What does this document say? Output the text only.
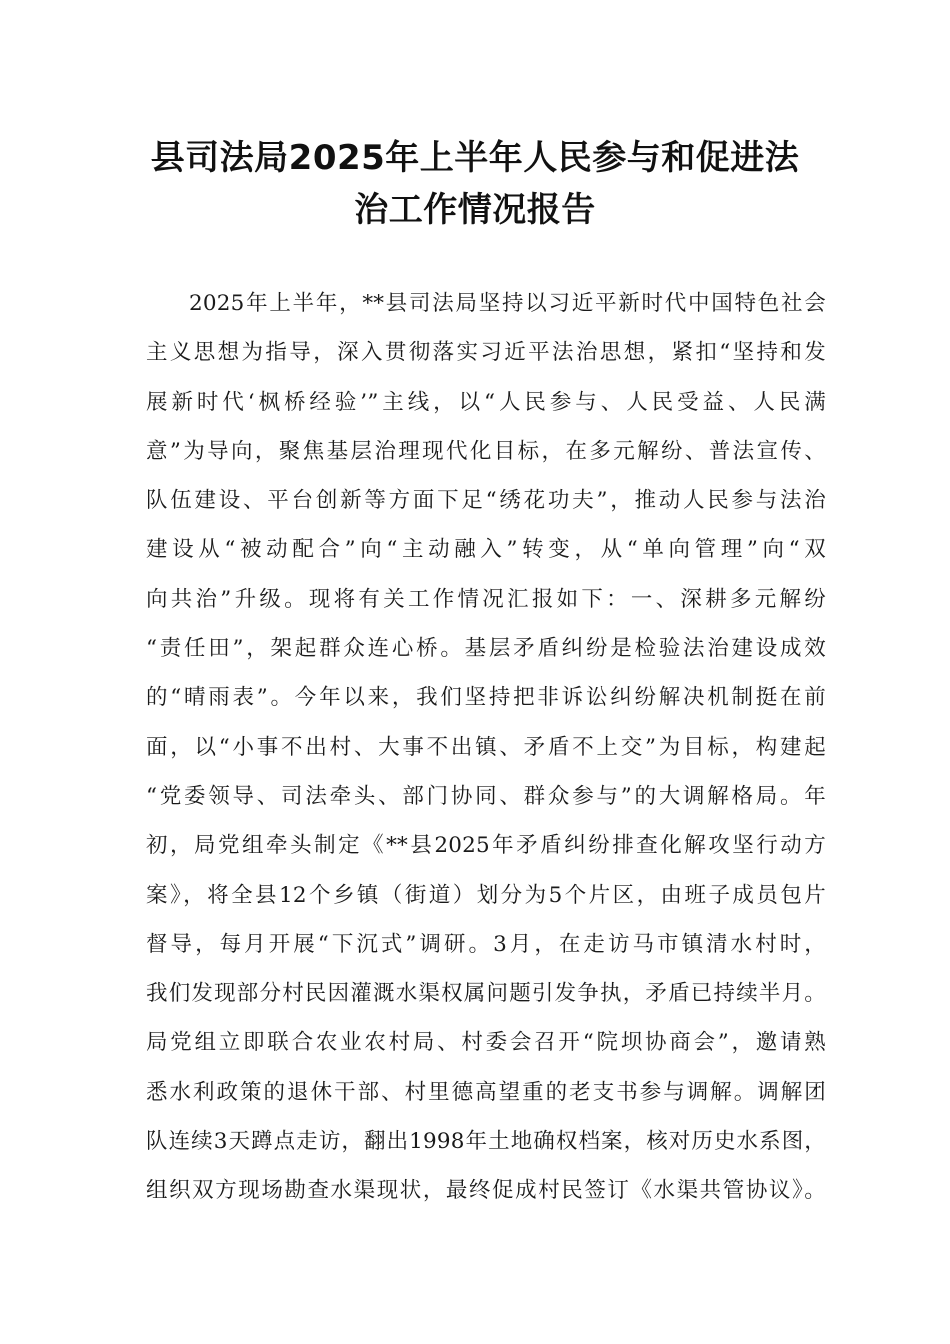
县司法局2025年上半年人民参与和促进法
治工作情况报告
2025年上半年，**县司法局坚持以习近平新时代中国特色社会
主义思想为指导，深入贯彻落实习近平法治思想，紧扣“坚持和发
展新时代‘枫桥经验’”主线，以“人民参与、人民受益、人民满
意”为导向，聚焦基层治理现代化目标，在多元解纷、普法宣传、
队伍建设、平台创新等方面下足“绣花功夫”，推动人民参与法治
建设从“被动配合”向“主动融入”转变，从“单向管理”向“双
向共治”升级。现将有关工作情况汇报如下：一、深耕多元解纷
“责任田”，架起群众连心桥。基层矛盾纠纷是检验法治建设成效
的“晴雨表”。今年以来，我们坚持把非诉讼纠纷解决机制挺在前
面，以“小事不出村、大事不出镇、矛盾不上交”为目标，构建起
“党委领导、司法牵头、部门协同、群众参与”的大调解格局。年
初，局党组牵头制定《**县2025年矛盾纠纷排查化解攻坚行动方
案》，将全县12个乡镇（街道）划分为5个片区，由班子成员包片
督导，每月开展“下沉式”调研。3月，在走访马市镇清水村时，
我们发现部分村民因灌溉水渠权属问题引发争执，矛盾已持续半月。
局党组立即联合农业农村局、村委会召开“院坝协商会”，邀请熟
悉水利政策的退休干部、村里德高望重的老支书参与调解。调解团
队连续3天蹲点走访，翻出1998年土地确权档案，核对历史水系图，
组织双方现场勘查水渠现状，最终促成村民签订《水渠共管协议》。
